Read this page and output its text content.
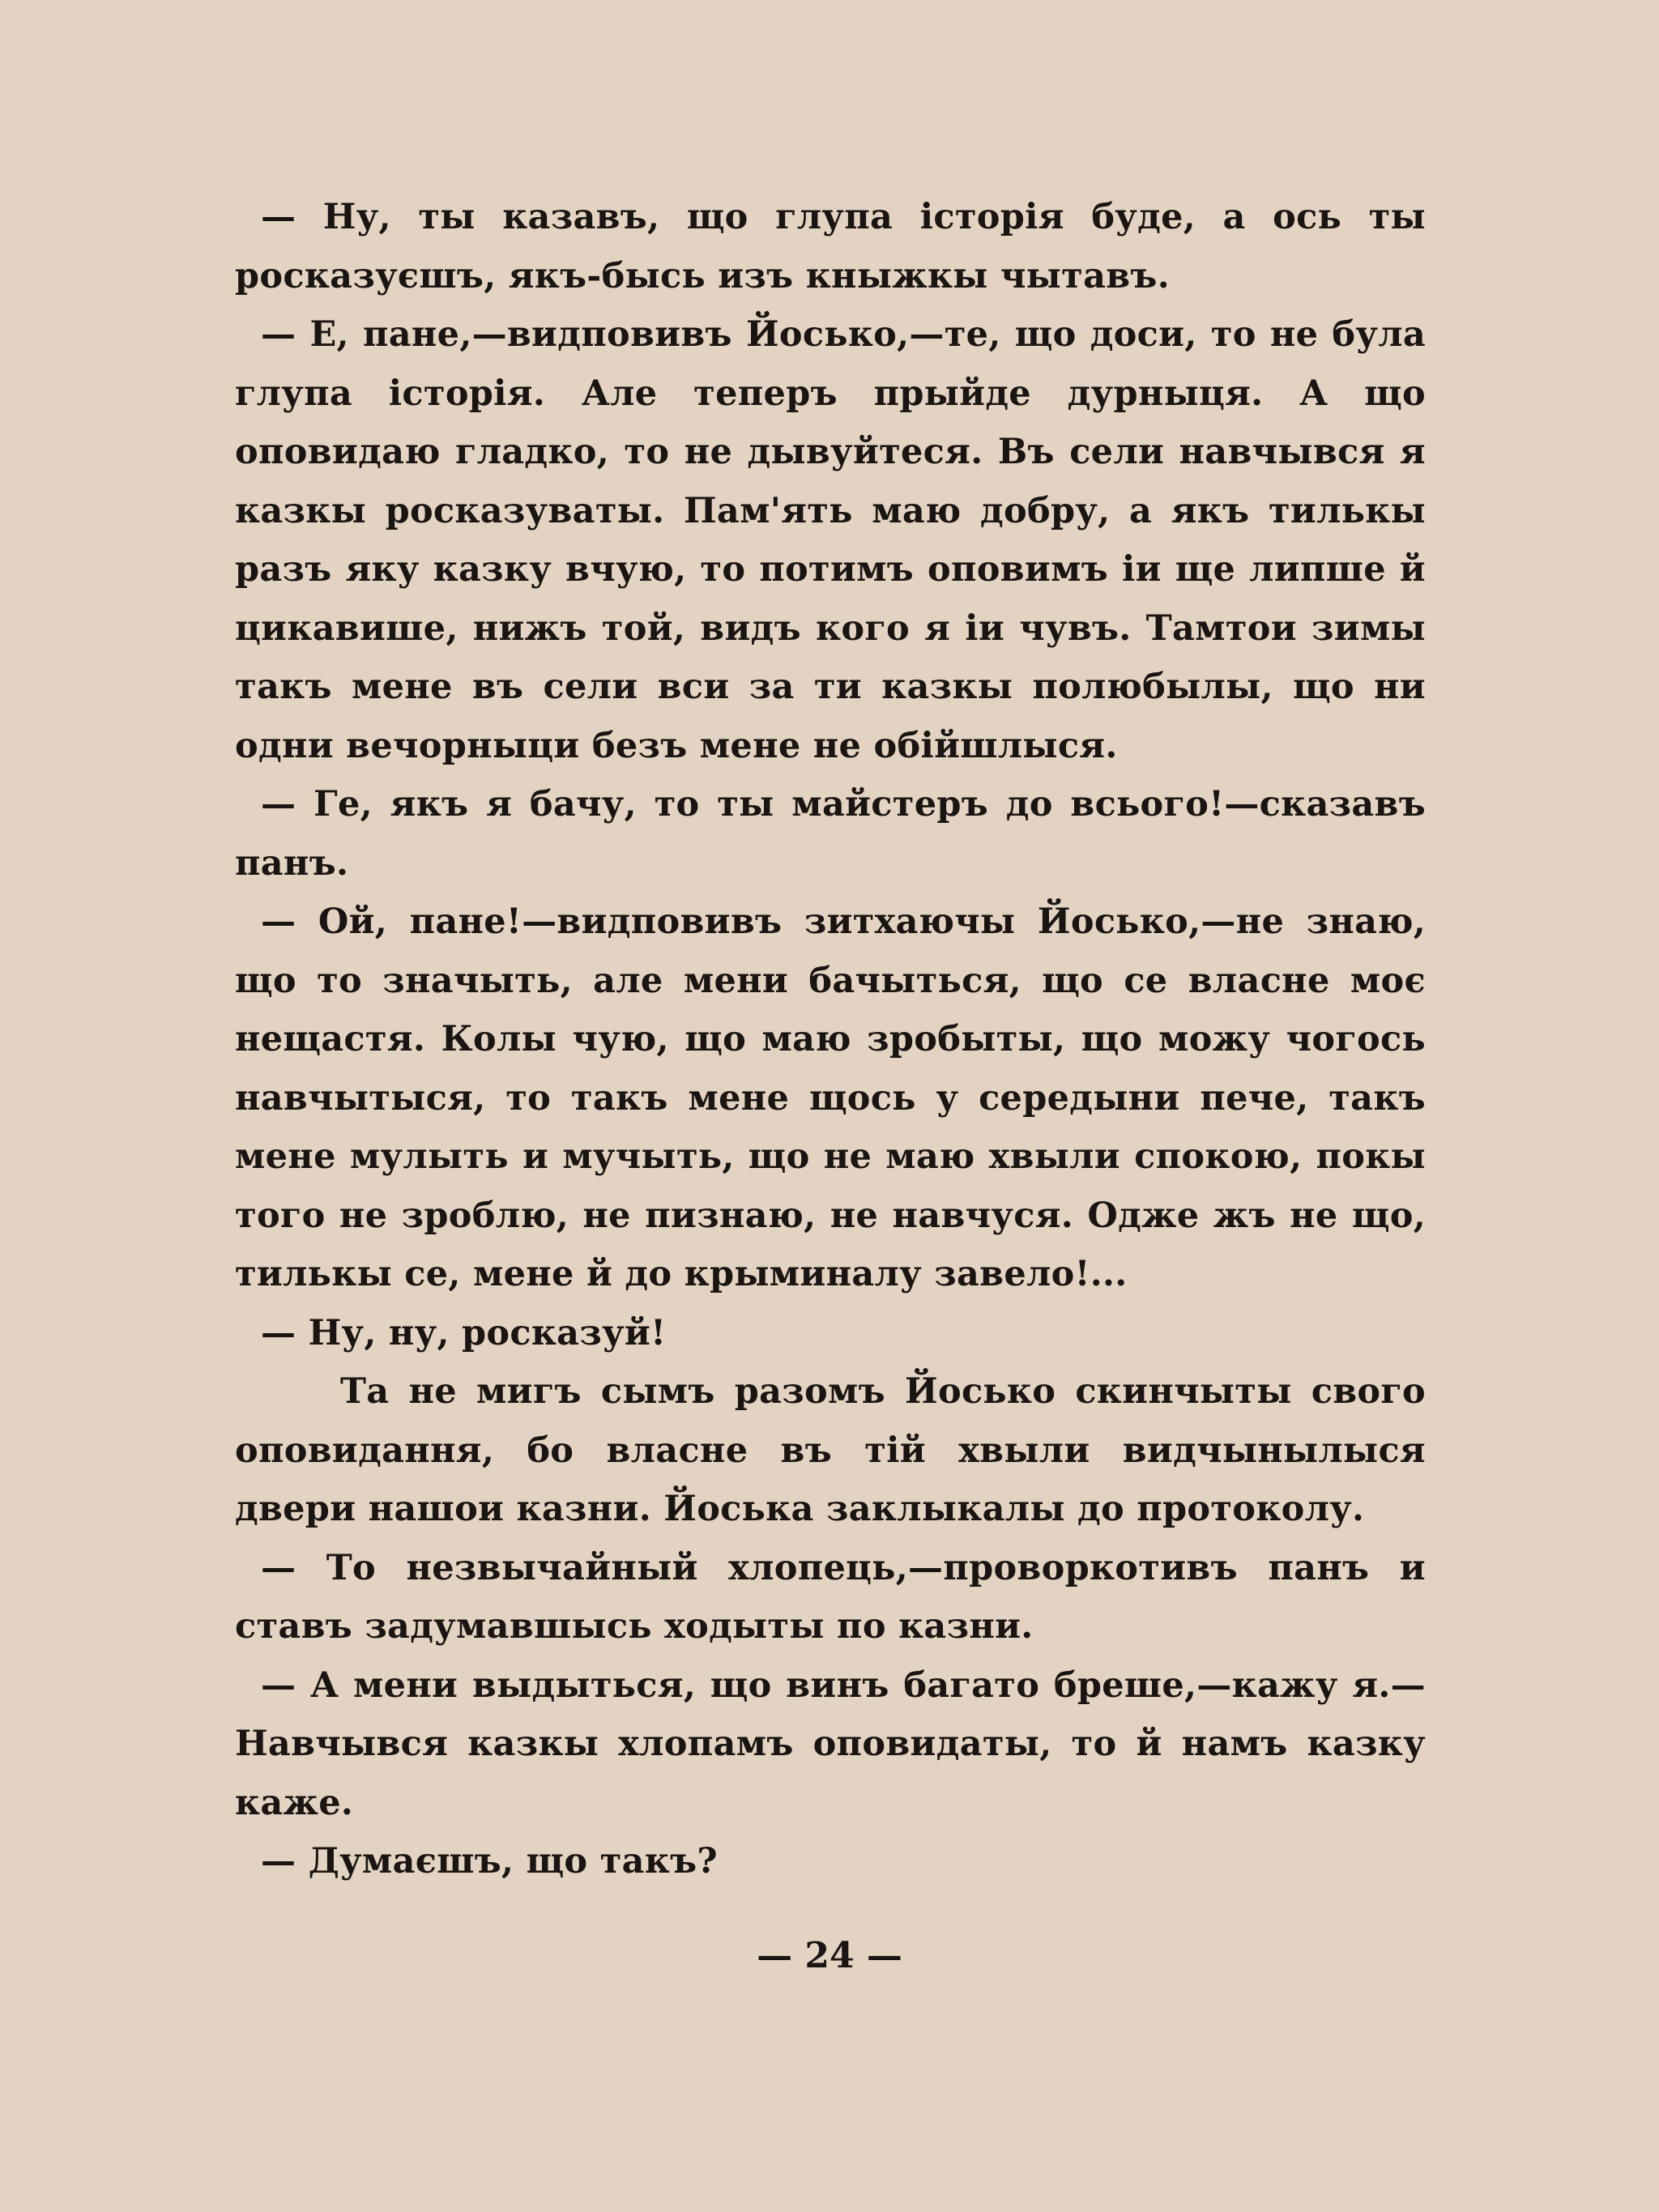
— Ну, ты казавъ, що глупа історія буде, а ось ты росказуєшъ, якъ-бысь изъ кныжкы чытавъ.

— Е, пане,—видповивъ Йосько,—те, що доси, то не була глупа історія. Але теперъ прыйде дурныця. А що оповидаю гладко, то не дывуйтеся. Въ сели навчывся я казкы росказуваты. Пам'ять маю добру, а якъ тилькы разъ яку казку вчую, то потимъ оповимъ іи ще липше й цикавише, нижъ той, видъ кого я іи чувъ. Тамтои зимы такъ мене въ сели вси за ти казкы полюбылы, що ни одни вечорныци безъ мене не обійшлыся.

— Ге, якъ я бачу, то ты майстеръ до всього!—сказавъ панъ.

— Ой, пане!—видповивъ зитхаючы Йосько,—не знаю, що то значыть, але мени бачыться, що се власне моє нещастя. Колы чую, що маю зробыты, що можу чогось навчытыся, то такъ мене щось у середыни пече, такъ мене мулыть и мучыть, що не маю хвыли спокою, покы того не зроблю, не пизнаю, не навчуся. Одже жъ не що, тилькы се, мене й до крыминалу завело!...

— Ну, ну, росказуй!

Та не мигъ сымъ разомъ Йосько скинчыты свого оповидання, бо власне въ тій хвыли видчынылыся двери нашои казни. Йоська заклыкалы до протоколу.

— То незвычайный хлопець,—проворкотивъ панъ и ставъ задумавшысь ходыты по казни.

— А мени выдыться, що винъ багато бреше,—кажу я.—Навчывся казкы хлопамъ оповидаты, то й намъ казку каже.

— Думаєшъ, що такъ?

— 24 —
